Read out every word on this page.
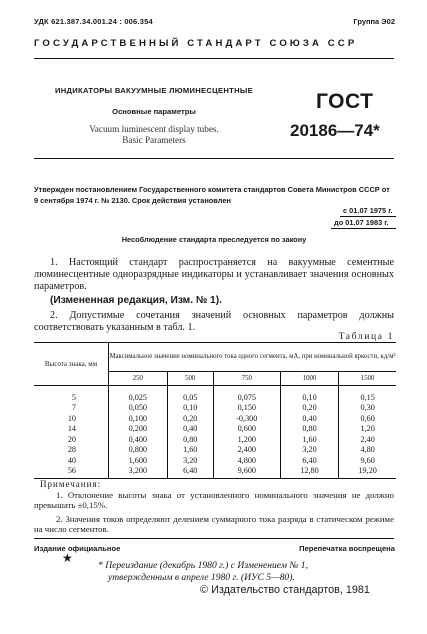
УДК 621.387.34.001.24 : 006.354	Группа Э02
ГОСУДАРСТВЕННЫЙ СТАНДАРТ СОЮЗА ССР
ИНДИКАТОРЫ ВАКУУМНЫЕ ЛЮМИНЕСЦЕНТНЫЕ
Основные параметры
Vacuum luminescent display tubes.
Basic Parameters
ГОСТ
20186—74*
Утвержден постановлением Государственного комитета стандартов Совета Министров СССР от 9 сентября 1974 г. № 2130. Срок действия установлен
с 01.07 1975 г.
до 01.07 1983 г.
Несоблюдение стандарта преследуется по закону
1. Настоящий стандарт распространяется на вакуумные сементные люминесцентные одноразрядные индикаторы и устанавливает значения основных параметров.
(Измененная редакция, Изм. № 1).
2. Допустимые сочетания значений основных параметров должны соответствовать указанным в табл. 1.
Таблица 1
Высота знака, мм	Максимальное значение номинального тока одного сегмента, мА, при номинальной яркости, кд/м²				
	250	500	750	1000	1500
5	0,025	0,05	0,075	0,10	0,15
7	0,050	0,10	0,150	0,20	0,30
10	0,100	0,20	-0,300	0,40	0,60
14	0,200	0,40	0,600	0,80	1,20
20	0,400	0,80	1,200	1,60	2,40
28	0,800	1,60	2,400	3,20	4,80
40	1,600	3,20	4,800	6,40	9,60
56	3,200	6,40	9,600	12,80	19,20
Примечания:
1. Отклонение высоты знака от установленного номинального значения не должно превышать ±0,15%.
2. Значения токов определяют делением суммарного тока разряда в статическом режиме на число сегментов.
Издание официальное	Перепечатка воспрещена
★
* Переиздание (декабрь 1980 г.) с Изменением № 1,
утвержденным в апреле 1980 г. (ИУС 5—80).
© Издательство стандартов, 1981
